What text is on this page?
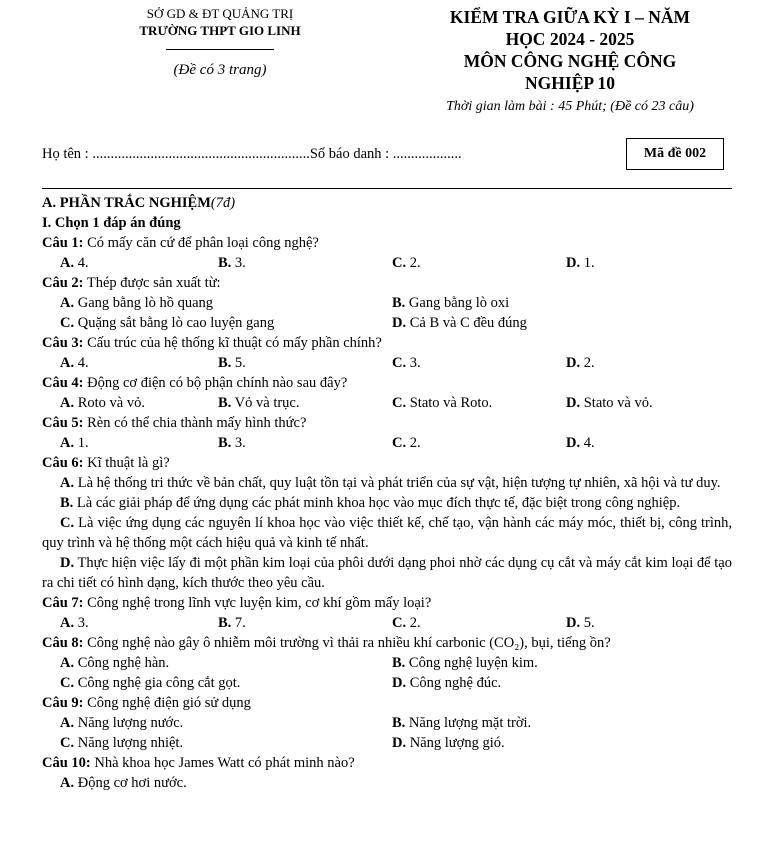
SỞ GD & ĐT QUẢNG TRỊ
TRƯỜNG THPT GIO LINH
(Đề có 3 trang)
KIỂM TRA GIỮA KỲ I – NĂM
HỌC 2024 - 2025
MÔN CÔNG NGHỆ CÔNG
NGHIỆP 10
Thời gian làm bài : 45 Phút; (Đề có 23 câu)
Họ tên : ............................................................Số báo danh : ...................	Mã đề 002
A. PHẦN TRẮC NGHIỆM(7đ)
I. Chọn 1 đáp án đúng
Câu 1: Có mấy căn cứ để phân loại công nghệ?
A. 4.	B. 3.	C. 2.	D. 1.
Câu 2: Thép được sản xuất từ:
A. Gang bằng lò hồ quang	B. Gang bằng lò oxi
C. Quặng sắt bằng lò cao luyện gang	D. Cả B và C đều đúng
Câu 3: Cấu trúc của hệ thống kĩ thuật có mấy phần chính?
A. 4.	B. 5.	C. 3.	D. 2.
Câu 4: Động cơ điện có bộ phận chính nào sau đây?
A. Roto và vỏ.	B. Vỏ và trục.	C. Stato và Roto.	D. Stato và vỏ.
Câu 5: Rèn có thể chia thành mấy hình thức?
A. 1.	B. 3.	C. 2.	D. 4.
Câu 6: Kĩ thuật là gì?
A. Là hệ thống tri thức về bản chất, quy luật tồn tại và phát triển của sự vật, hiện tượng tự nhiên, xã hội và tư duy.
B. Là các giải pháp để ứng dụng các phát minh khoa học vào mục đích thực tế, đặc biệt trong công nghiệp.
C. Là việc ứng dụng các nguyên lí khoa học vào việc thiết kế, chế tạo, vận hành các máy móc, thiết bị, công trình, quy trình và hệ thống một cách hiệu quả và kinh tế nhất.
D. Thực hiện việc lấy đi một phần kim loại của phôi dưới dạng phoi nhờ các dụng cụ cắt và máy cắt kim loại để tạo ra chi tiết có hình dạng, kích thước theo yêu cầu.
Câu 7: Công nghệ trong lĩnh vực luyện kim, cơ khí gồm mấy loại?
A. 3.	B. 7.	C. 2.	D. 5.
Câu 8: Công nghệ nào gây ô nhiễm môi trường vì thải ra nhiều khí carbonic (CO₂), bụi, tiếng ồn?
A. Công nghệ hàn.	B. Công nghệ luyện kim.
C. Công nghệ gia công cắt gọt.	D. Công nghệ đúc.
Câu 9: Công nghệ điện gió sử dụng
A. Năng lượng nước.	B. Năng lượng mặt trời.
C. Năng lượng nhiệt.	D. Năng lượng gió.
Câu 10: Nhà khoa học James Watt có phát minh nào?
A. Động cơ hơi nước.
